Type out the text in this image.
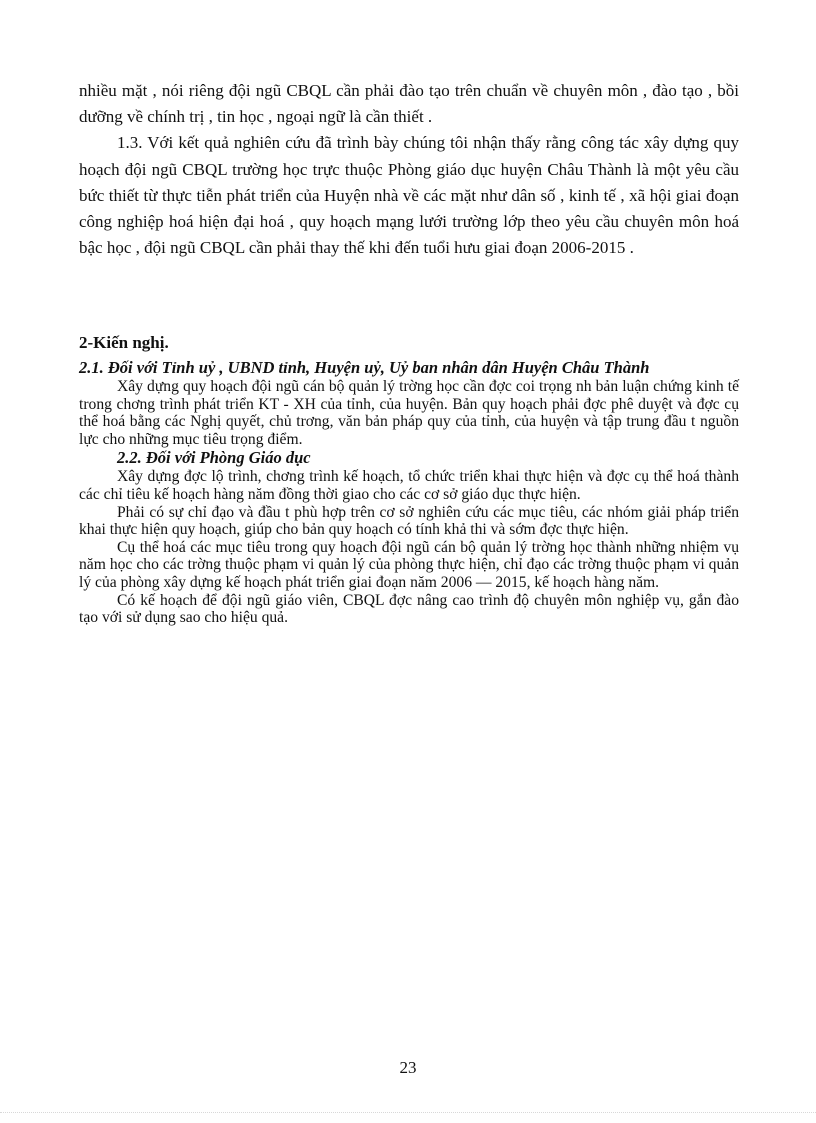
nhiều mặt , nói riêng đội ngũ CBQL cần phải đào tạo trên chuẩn về chuyên môn , đào tạo , bồi dưỡng về chính trị , tin học , ngoại ngữ là cần thiết .

1.3. Với kết quả nghiên cứu đã trình bày chúng tôi nhận thấy rằng công tác xây dựng quy hoạch đội ngũ CBQL trường học trực thuộc Phòng giáo dục huyện Châu Thành là một yêu cầu bức thiết từ thực tiễn phát triển của Huyện nhà về các mặt như dân số , kinh tế , xã hội giai đoạn công nghiệp hoá hiện đại hoá , quy hoạch mạng lưới trường lớp theo yêu cầu chuyên môn hoá bậc học , đội ngũ CBQL cần phải thay thế khi đến tuổi hưu giai đoạn 2006-2015 .

2-Kiến nghị.

2.1. Đối với Tỉnh uỷ , UBND tỉnh, Huyện uỷ, Uỷ ban nhân dân Huyện Châu Thành

Xây dựng quy hoạch đội ngũ cán bộ quản lý trờng học cần đợc coi trọng nh bản luận chứng kinh tế trong chơng trình phát triển KT - XH của tỉnh, của huyện. Bản quy hoạch phải đợc phê duyệt và đợc cụ thể hoá bằng các Nghị quyết, chủ trơng, văn bản pháp quy của tỉnh, của huyện và tập trung đầu t nguồn lực cho những mục tiêu trọng điểm.

2.2. Đối với Phòng Giáo dục

Xây dựng đợc lộ trình, chơng trình kế hoạch, tổ chức triển khai thực hiện và đợc cụ thể hoá thành các chỉ tiêu kế hoạch hàng năm đồng thời giao cho các cơ sở giáo dục thực hiện.

Phải có sự chỉ đạo và đầu t phù hợp trên cơ sở nghiên cứu các mục tiêu, các nhóm giải pháp triển khai thực hiện quy hoạch, giúp cho bản quy hoạch có tính khả thi và sớm đợc thực hiện.

Cụ thể hoá các mục tiêu trong quy hoạch đội ngũ cán bộ quản lý trờng học thành những nhiệm vụ năm học cho các trờng thuộc phạm vi quản lý của phòng thực hiện, chỉ đạo các trờng thuộc phạm vi quản lý của phòng xây dựng kế hoạch phát triển giai đoạn năm 2006 — 2015, kế hoạch hàng năm.

Có kế hoạch để đội ngũ giáo viên, CBQL đợc nâng cao trình độ chuyên môn nghiệp vụ, gắn đào tạo với sử dụng sao cho hiệu quả.

23
